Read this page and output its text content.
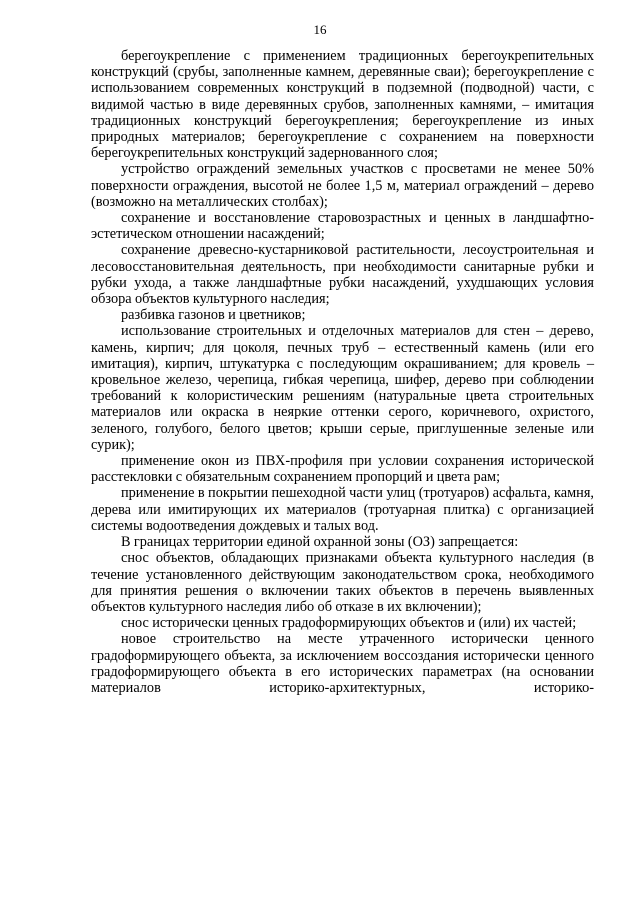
16

берегоукрепление с применением традиционных берегоукрепительных конструкций (срубы, заполненные камнем, деревянные сваи); берегоукрепление с использованием современных конструкций в подземной (подводной) части, с видимой частью в виде деревянных срубов, заполненных камнями, – имитация традиционных конструкций берегоукрепления; берегоукрепление из иных природных материалов; берегоукрепление с сохранением на поверхности берегоукрепительных конструкций задернованного слоя;

устройство ограждений земельных участков с просветами не менее 50% поверхности ограждения, высотой не более 1,5 м, материал ограждений – дерево (возможно на металлических столбах);

сохранение и восстановление старовозрастных и ценных в ландшафтно-эстетическом отношении насаждений;

сохранение древесно-кустарниковой растительности, лесоустроительная и лесовосстановительная деятельность, при необходимости санитарные рубки и рубки ухода, а также ландшафтные рубки насаждений, ухудшающих условия обзора объектов культурного наследия;

разбивка газонов и цветников;

использование строительных и отделочных материалов для стен – дерево, камень, кирпич; для цоколя, печных труб – естественный камень (или его имитация), кирпич, штукатурка с последующим окрашиванием; для кровель – кровельное железо, черепица, гибкая черепица, шифер, дерево при соблюдении требований к колористическим решениям (натуральные цвета строительных материалов или окраска в неяркие оттенки серого, коричневого, охристого, зеленого, голубого, белого цветов; крыши серые, приглушенные зеленые или сурик);

применение окон из ПВХ-профиля при условии сохранения исторической расстекловки с обязательным сохранением пропорций и цвета рам;

применение в покрытии пешеходной части улиц (тротуаров) асфальта, камня, дерева или имитирующих их материалов (тротуарная плитка) с организацией системы водоотведения дождевых и талых вод.

В границах территории единой охранной зоны (ОЗ) запрещается:

снос объектов, обладающих признаками объекта культурного наследия (в течение установленного действующим законодательством срока, необходимого для принятия решения о включении таких объектов в перечень выявленных объектов культурного наследия либо об отказе в их включении);

снос исторически ценных градоформирующих объектов и (или) их частей;

новое строительство на месте утраченного исторически ценного градоформирующего объекта, за исключением воссоздания исторически ценного градоформирующего объекта в его исторических параметрах (на основании материалов историко-архитектурных, историко-
